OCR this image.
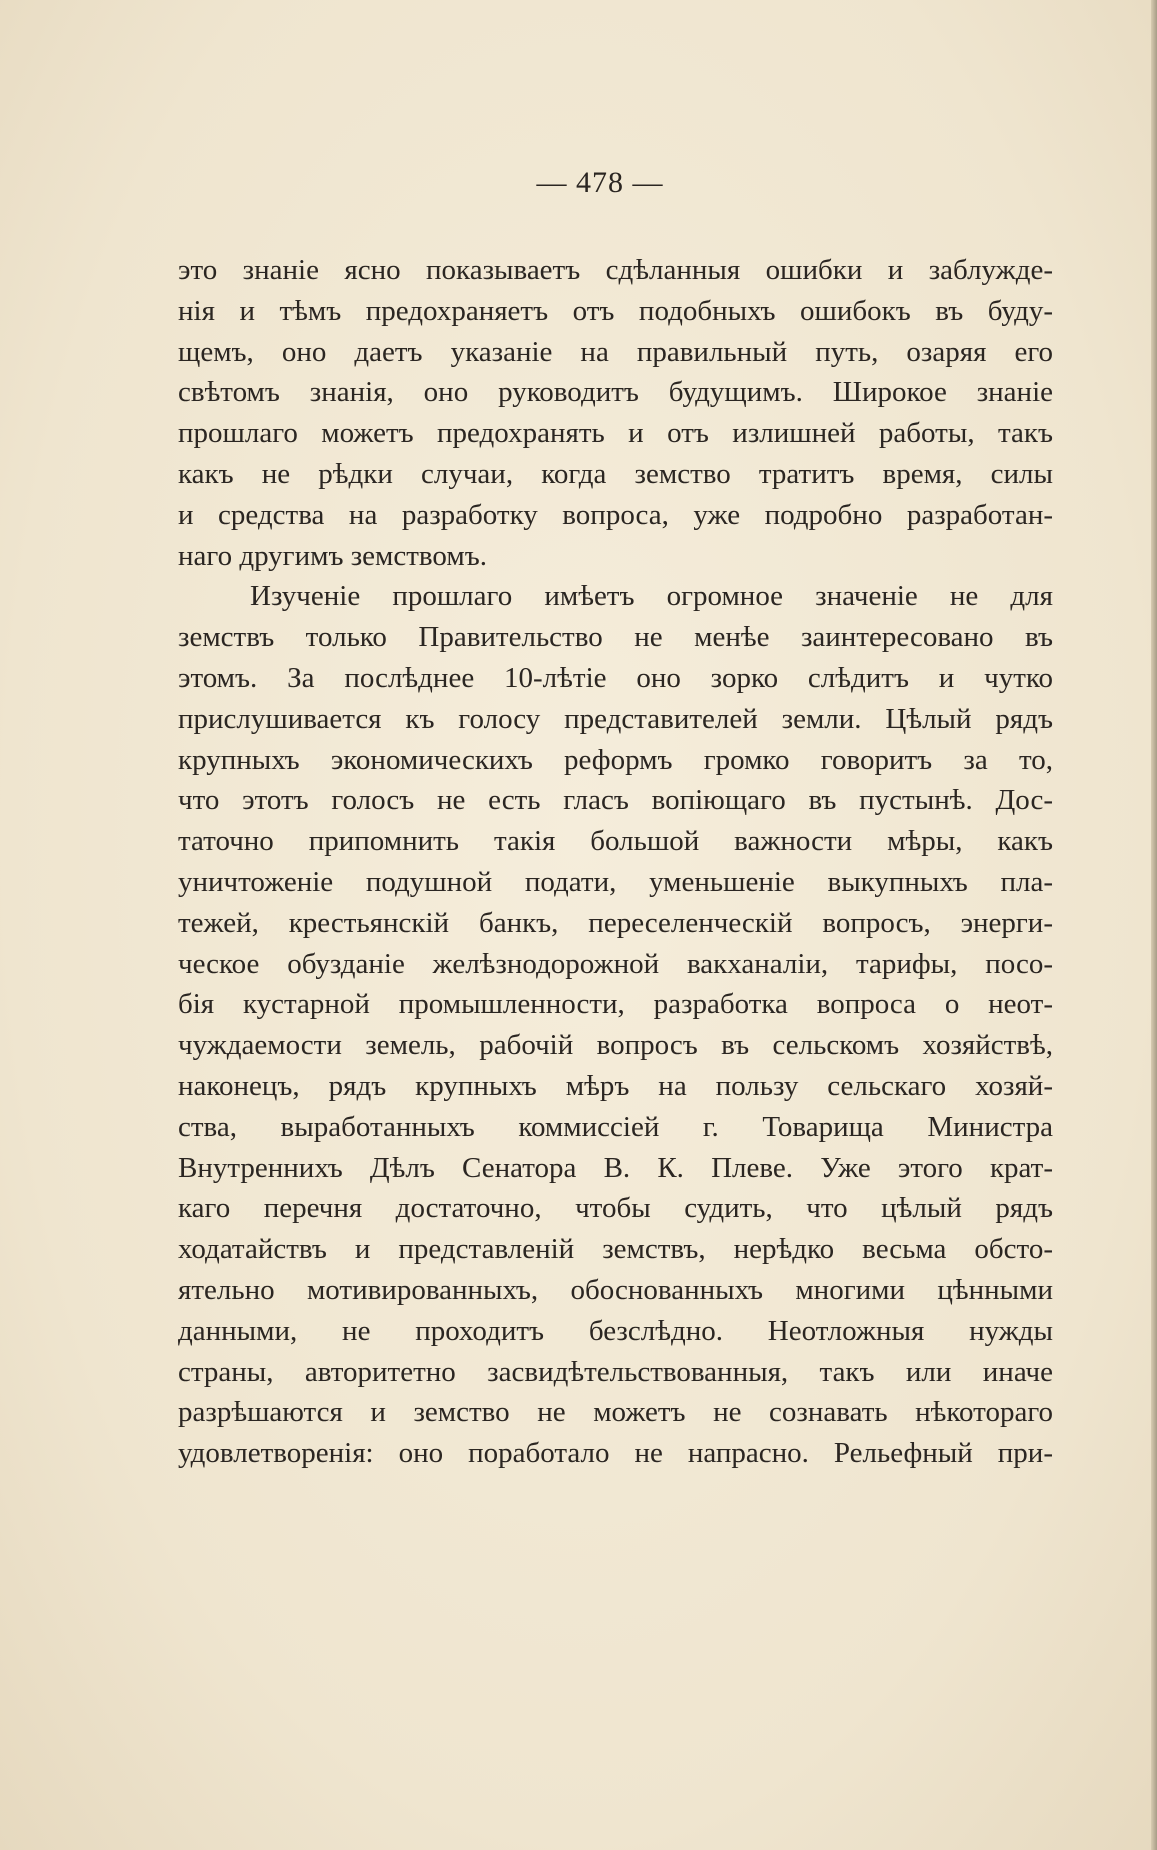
— 478 —
это знаніе ясно показываетъ сдѣланныя ошибки и заблужде-
нія и тѣмъ предохраняетъ отъ подобныхъ ошибокъ въ буду-
щемъ, оно даетъ указаніе на правильный путь, озаряя его
свѣтомъ знанія, оно руководитъ будущимъ. Широкое знаніе
прошлаго можетъ предохранять и отъ излишней работы, такъ
какъ не рѣдки случаи, когда земство тратитъ время, силы
и средства на разработку вопроса, уже подробно разработан-
наго другимъ земствомъ.
Изученіе прошлаго имѣетъ огромное значеніе не для
земствъ только Правительство не менѣе заинтересовано въ
этомъ. За послѣднее 10-лѣтіе оно зорко слѣдитъ и чутко
прислушивается къ голосу представителей земли. Цѣлый рядъ
крупныхъ экономическихъ реформъ громко говоритъ за то,
что этотъ голосъ не есть гласъ вопіющаго въ пустынѣ. Дос-
таточно припомнить такія большой важности мѣры, какъ
уничтоженіе подушной подати, уменьшеніе выкупныхъ пла-
тежей, крестьянскій банкъ, переселенческій вопросъ, энерги-
ческое обузданіе желѣзнодорожной вакханаліи, тарифы, посо-
бія кустарной промышленности, разработка вопроса о неот-
чуждаемости земель, рабочій вопросъ въ сельскомъ хозяйствѣ,
наконецъ, рядъ крупныхъ мѣръ на пользу сельскаго хозяй-
ства, выработанныхъ коммиссіей г. Товарища Министра
Внутреннихъ Дѣлъ Сенатора В. К. Плеве. Уже этого крат-
каго перечня достаточно, чтобы судить, что цѣлый рядъ
ходатайствъ и представленій земствъ, нерѣдко весьма обсто-
ятельно мотивированныхъ, обоснованныхъ многими цѣнными
данными, не проходитъ безслѣдно. Неотложныя нужды
страны, авторитетно засвидѣтельствованныя, такъ или иначе
разрѣшаются и земство не можетъ не сознавать нѣкотораго
удовлетворенія: оно поработало не напрасно. Рельефный при-
